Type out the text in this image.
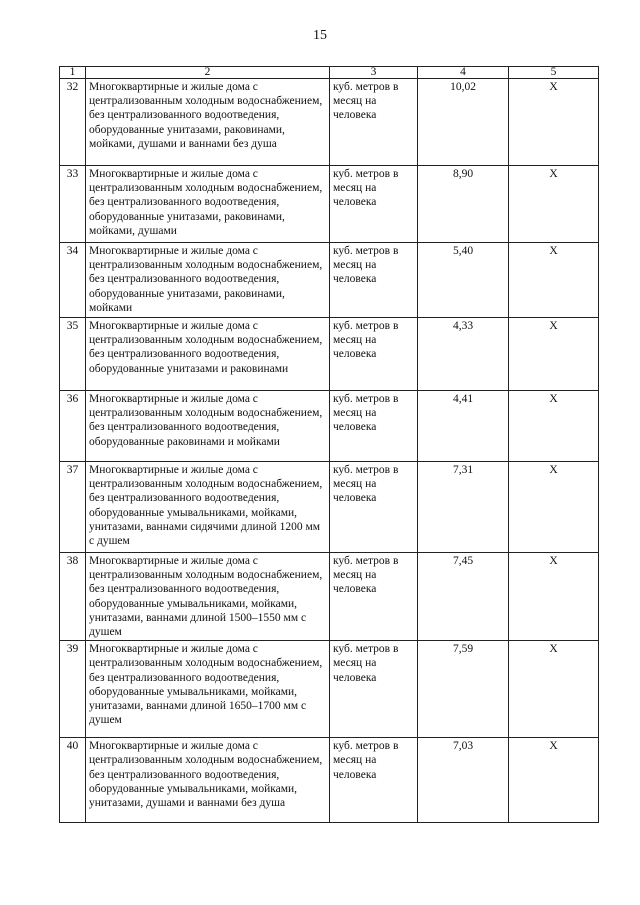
15
1	2	3	4	5
32	Многоквартирные и жилые дома с централизованным холодным водоснабжением, без централизованного водоотведения, оборудованные унитазами, раковинами, мойками, душами и ваннами без душа	куб. метров в месяц на человека	10,02	Х
33	Многоквартирные и жилые дома с централизованным холодным водоснабжением, без централизованного водоотведения, оборудованные унитазами, раковинами, мойками, душами	куб. метров в месяц на человека	8,90	Х
34	Многоквартирные и жилые дома с централизованным холодным водоснабжением, без централизованного водоотведения, оборудованные унитазами, раковинами, мойками	куб. метров в месяц на человека	5,40	Х
35	Многоквартирные и жилые дома с централизованным холодным водоснабжением, без централизованного водоотведения, оборудованные унитазами и раковинами	куб. метров в месяц на человека	4,33	Х
36	Многоквартирные и жилые дома с централизованным холодным водоснабжением, без централизованного водоотведения, оборудованные раковинами и мойками	куб. метров в месяц на человека	4,41	Х
37	Многоквартирные и жилые дома с централизованным холодным водоснабжением, без централизованного водоотведения, оборудованные умывальниками, мойками, унитазами, ваннами сидячими длиной 1200 мм с душем	куб. метров в месяц на человека	7,31	Х
38	Многоквартирные и жилые дома с централизованным холодным водоснабжением, без централизованного водоотведения, оборудованные умывальниками, мойками, унитазами, ваннами длиной 1500–1550 мм с душем	куб. метров в месяц на человека	7,45	Х
39	Многоквартирные и жилые дома с централизованным холодным водоснабжением, без централизованного водоотведения, оборудованные умывальниками, мойками, унитазами, ваннами длиной 1650–1700 мм с душем	куб. метров в месяц на человека	7,59	Х
40	Многоквартирные и жилые дома с централизованным холодным водоснабжением, без централизованного водоотведения, оборудованные умывальниками, мойками, унитазами, душами и ваннами без душа	куб. метров в месяц на человека	7,03	Х
